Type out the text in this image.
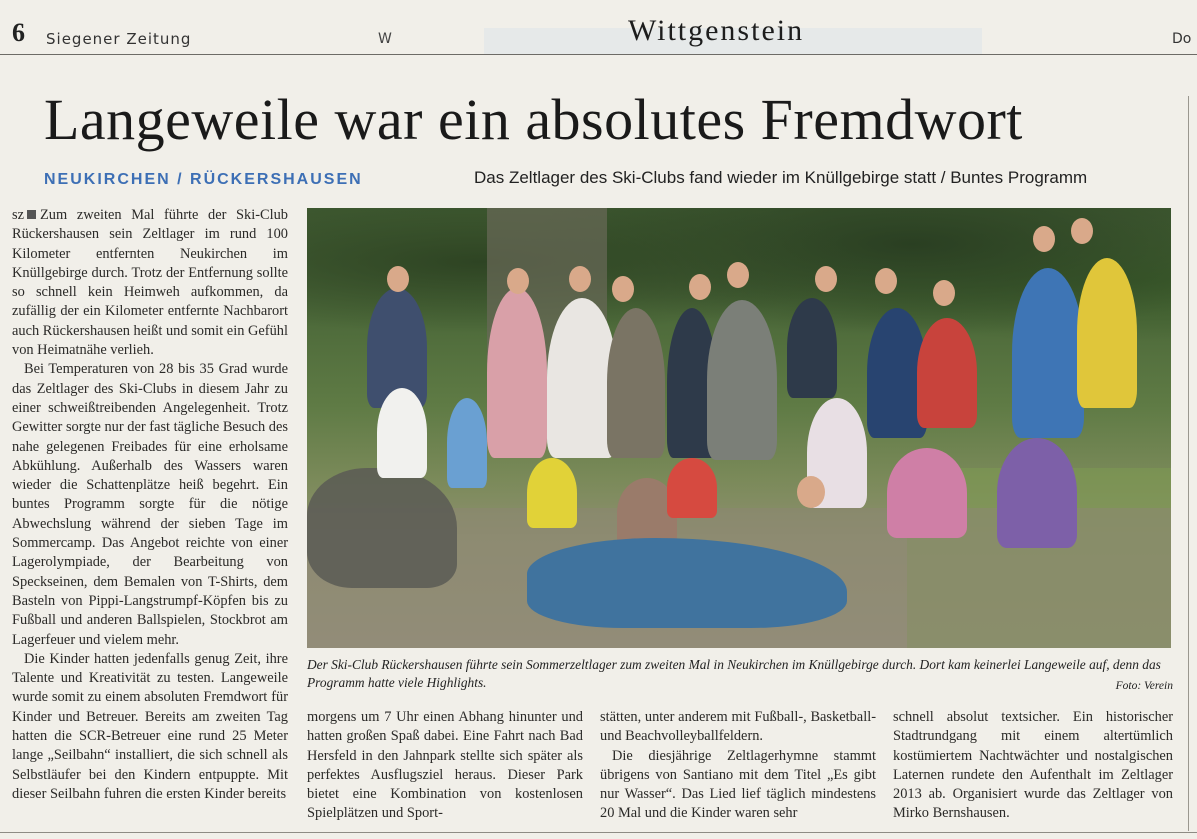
6 Siegener Zeitung	W	Wittgenstein	Do
Langeweile war ein absolutes Fremdwort
NEUKIRCHEN / RÜCKERSHAUSEN	Das Zeltlager des Ski-Clubs fand wieder im Knüllgebirge statt / Buntes Programm

sz Zum zweiten Mal führte der Ski-Club Rückershausen sein Zeltlager im rund 100 Kilometer entfernten Neukirchen im Knüllgebirge durch. Trotz der Entfernung sollte so schnell kein Heimweh aufkommen, da zufällig der ein Kilometer entfernte Nachbarort auch Rückershausen heißt und somit ein Gefühl von Heimatnähe verlieh.

Bei Temperaturen von 28 bis 35 Grad wurde das Zeltlager des Ski-Clubs in diesem Jahr zu einer schweißtreibenden Angelegenheit. Trotz Gewitter sorgte nur der fast tägliche Besuch des nahe gelegenen Freibades für eine erholsame Abkühlung. Außerhalb des Wassers waren wieder die Schattenplätze heiß begehrt. Ein buntes Programm sorgte für die nötige Abwechslung während der sieben Tage im Sommercamp. Das Angebot reichte von einer Lagerolympiade, der Bearbeitung von Speckseinen, dem Bemalen von T-Shirts, dem Basteln von Pippi-Langstrumpf-Köpfen bis zu Fußball und anderen Ballspielen, Stockbrot am Lagerfeuer und vielem mehr.

Die Kinder hatten jedenfalls genug Zeit, ihre Talente und Kreativität zu testen. Langeweile wurde somit zu einem absoluten Fremdwort für Kinder und Betreuer. Bereits am zweiten Tag hatten die SCR-Betreuer eine rund 25 Meter lange „Seilbahn“ installiert, die sich schnell als Selbstläufer bei den Kindern entpuppte. Mit dieser Seilbahn fuhren die ersten Kinder bereits

Der Ski-Club Rückershausen führte sein Sommerzeltlager zum zweiten Mal in Neukirchen im Knüllgebirge durch. Dort kam keinerlei Langeweile auf, denn das Programm hatte viele Highlights.	Foto: Verein

morgens um 7 Uhr einen Abhang hinunter und hatten großen Spaß dabei. Eine Fahrt nach Bad Hersfeld in den Jahnpark stellte sich später als perfektes Ausflugsziel heraus. Dieser Park bietet eine Kombination von kostenlosen Spielplätzen und Sport-

stätten, unter anderem mit Fußball-, Basketball- und Beachvolleyballfeldern.

Die diesjährige Zeltlagerhymne stammt übrigens von Santiano mit dem Titel „Es gibt nur Wasser“. Das Lied lief täglich mindestens 20 Mal und die Kinder waren sehr

schnell absolut textsicher. Ein historischer Stadtrundgang mit einem altertümlich kostümiertem Nachtwächter und nostalgischen Laternen rundete den Aufenthalt im Zeltlager 2013 ab. Organisiert wurde das Zeltlager von Mirko Bernshausen.
